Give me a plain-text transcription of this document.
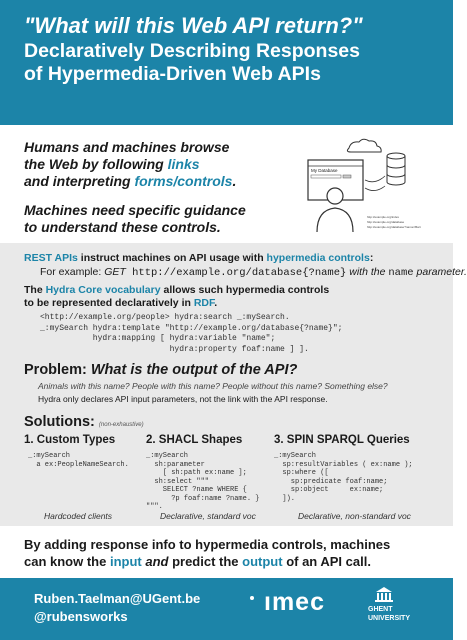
"What will this Web API return?"
Declaratively Describing Responses
of Hypermedia-Driven Web APIs

Humans and machines browse
the Web by following links
and interpreting forms/controls.

Machines need specific guidance
to understand these controls.

My Database
http://example.org/index
http://example.org/database
http://example.org/database?name=Bart
REST APIs instruct machines on API usage with hypermedia controls:
For example: GET http://example.org/database{?name} with the name parameter.
The Hydra Core vocabulary allows such hypermedia controls
to be represented declaratively in RDF.
<http://example.org/people> hydra:search _:mySearch.
_:mySearch hydra:template "http://example.org/database{?name}";
hydra:mapping [ hydra:variable "name";
hydra:property foaf:name ] ].
Problem: What is the output of the API?
Animals with this name? People with this name? People without this name? Something else?
Hydra only declares API input parameters, not the link with the API response.
Solutions: (non-exhaustive)
1. Custom Types	2. SHACL Shapes	3. SPIN SPARQL Queries
_:mySearch
a ex:PeopleNameSearch.
_:mySearch
sh:parameter
[ sh:path ex:name ];
sh:select """
SELECT ?name WHERE {
?p foaf:name ?name. }
""".
_:mySearch
sp:resultVariables ( ex:name );
sp:where ([
sp:predicate foaf:name;
sp:object     ex:name;
]).
Hardcoded clients	Declarative, standard voc	Declarative, non-standard voc
By adding response info to hypermedia controls, machines
can know the input and predict the output of an API call.
Ruben.Taelman@UGent.be
@rubensworks
ımec	GHENT
UNIVERSITY
